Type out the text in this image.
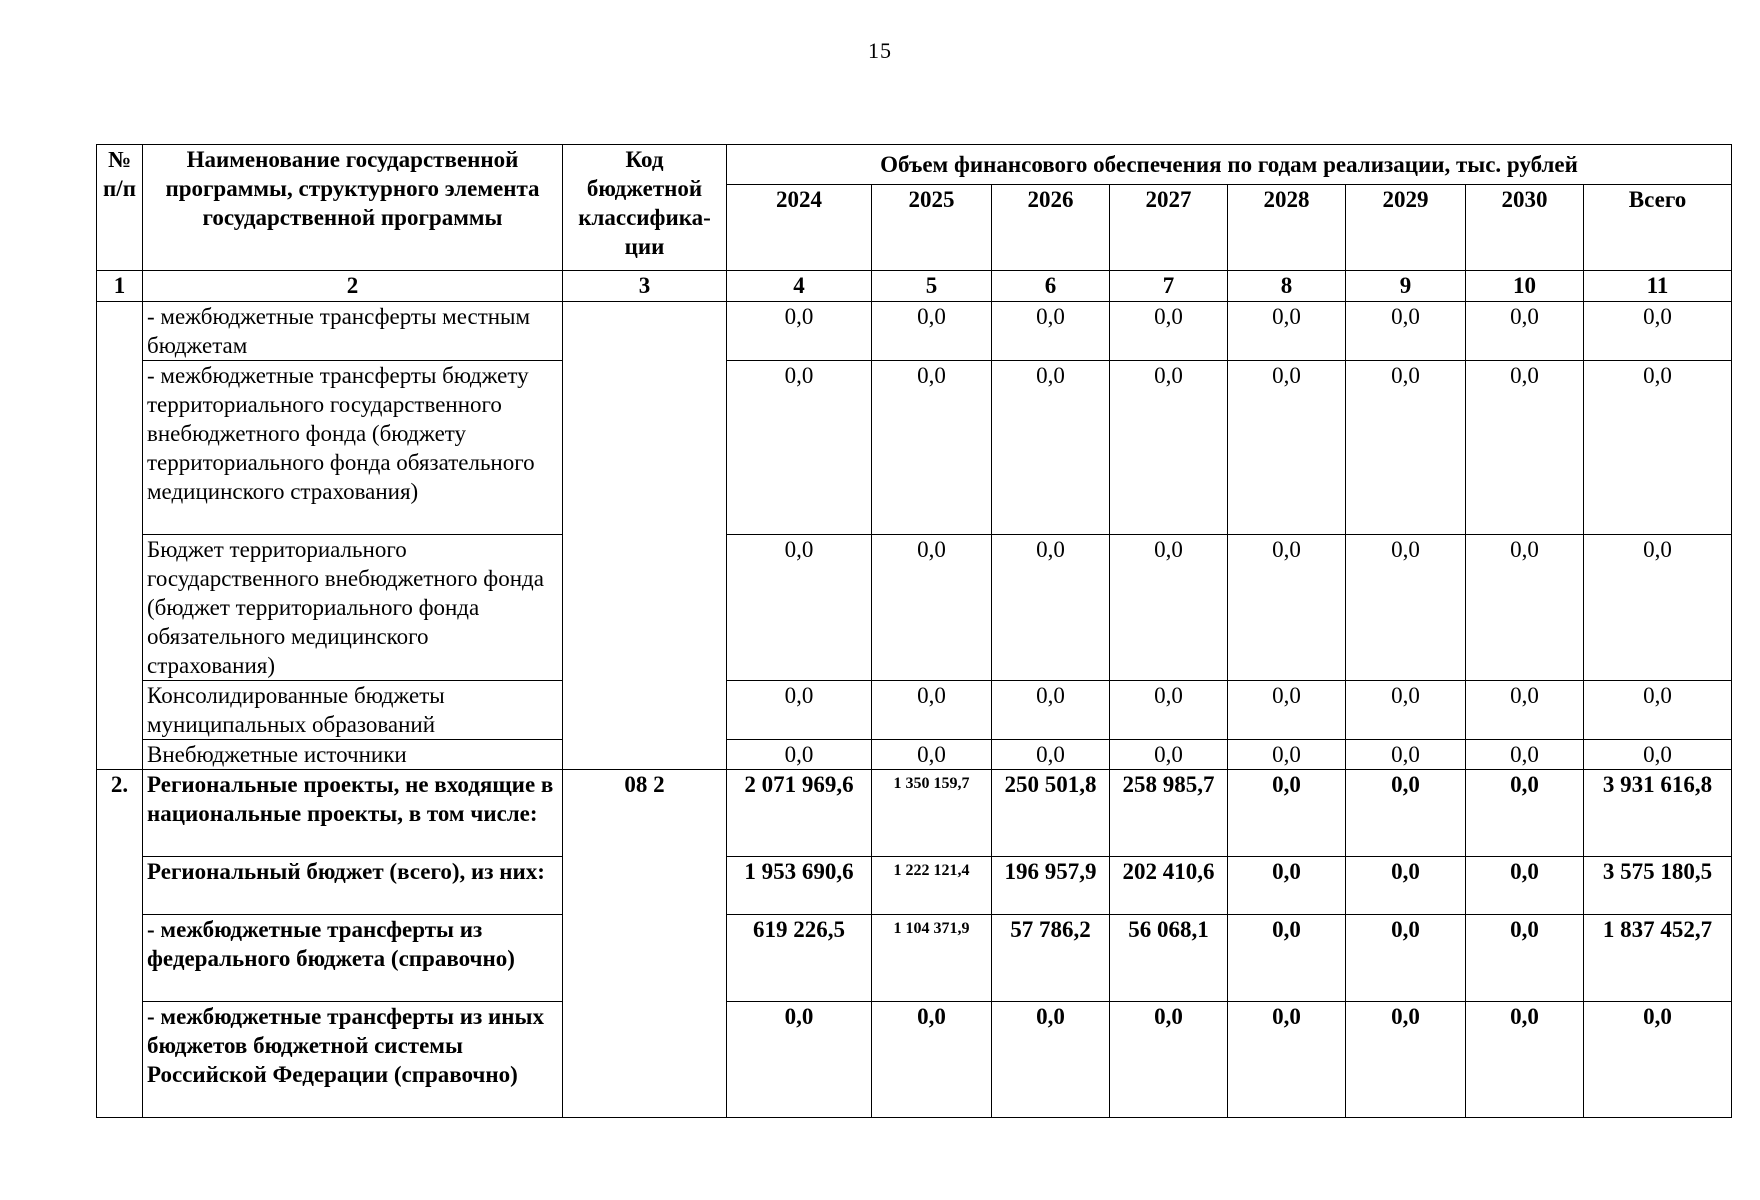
15
№ п/п	Наименование государственной программы, структурного элемента государственной программы	Код бюджетной классифика-ции	Объем финансового обеспечения по годам реализации, тыс. рублей							
			2024	2025	2026	2027	2028	2029	2030	Всего
1	2	3	4	5	6	7	8	9	10	11
	- межбюджетные трансферты местным бюджетам		0,0	0,0	0,0	0,0	0,0	0,0	0,0	0,0
	- межбюджетные трансферты бюджету территориального государственного внебюджетного фонда (бюджету территориального фонда обязательного медицинского страхования)		0,0	0,0	0,0	0,0	0,0	0,0	0,0	0,0
	Бюджет территориального государственного внебюджетного фонда (бюджет территориального фонда обязательного медицинского страхования)		0,0	0,0	0,0	0,0	0,0	0,0	0,0	0,0
	Консолидированные бюджеты муниципальных образований		0,0	0,0	0,0	0,0	0,0	0,0	0,0	0,0
	Внебюджетные источники		0,0	0,0	0,0	0,0	0,0	0,0	0,0	0,0
2.	Региональные проекты, не входящие в национальные проекты, в том числе:	08 2	2 071 969,6	1 350 159,7	250 501,8	258 985,7	0,0	0,0	0,0	3 931 616,8
	Региональный бюджет (всего), из них:		1 953 690,6	1 222 121,4	196 957,9	202 410,6	0,0	0,0	0,0	3 575 180,5
	- межбюджетные трансферты из федерального бюджета (справочно)		619 226,5	1 104 371,9	57 786,2	56 068,1	0,0	0,0	0,0	1 837 452,7
	- межбюджетные трансферты из иных бюджетов бюджетной системы Российской Федерации (справочно)		0,0	0,0	0,0	0,0	0,0	0,0	0,0	0,0
